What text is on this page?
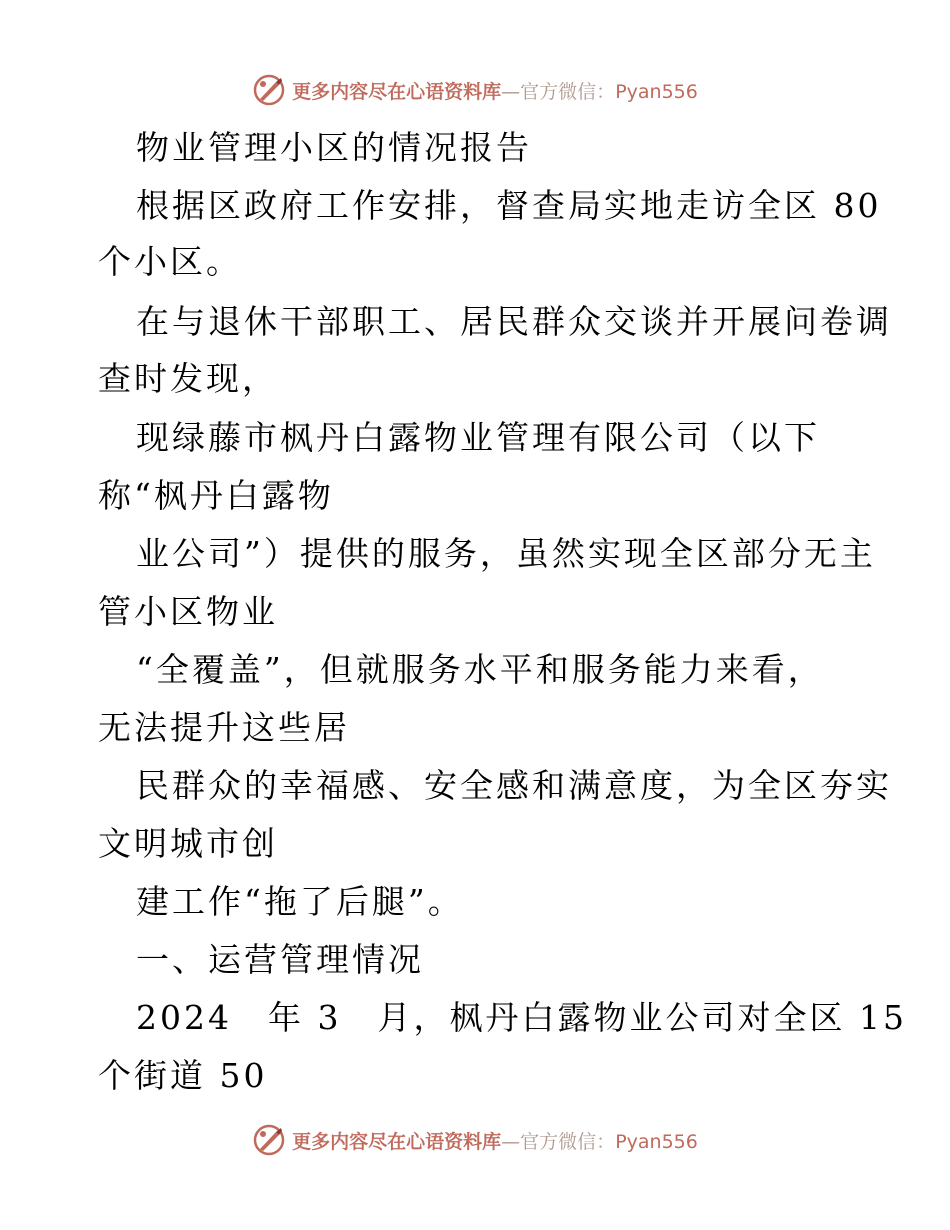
更多内容尽在心语资料库—官方微信：Pyan556
物业管理小区的情况报告
根据区政府工作安排，督查局实地走访全区 80
个小区。
在与退休干部职工、居民群众交谈并开展问卷调
查时发现，
现绿藤市枫丹白露物业管理有限公司（以下
称“枫丹白露物
业公司”）提供的服务，虽然实现全区部分无主
管小区物业
“全覆盖”，但就服务水平和服务能力来看，
无法提升这些居
民群众的幸福感、安全感和满意度，为全区夯实
文明城市创
建工作“拖了后腿”。
一、运营管理情况
2024　年 3　月，枫丹白露物业公司对全区 15
个街道 50
更多内容尽在心语资料库—官方微信：Pyan556
